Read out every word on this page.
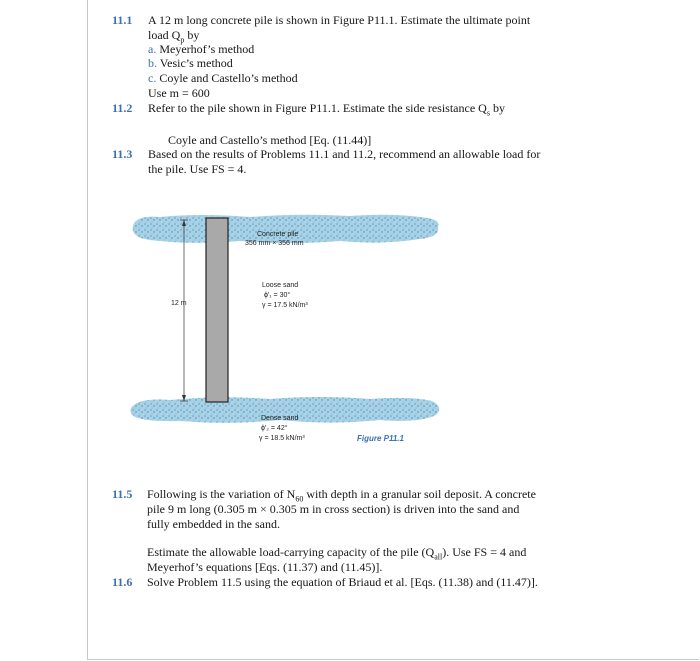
11.1 A 12 m long concrete pile is shown in Figure P11.1. Estimate the ultimate point
load $Q_p$ by
a. Meyerhof’s method
b. Vesic’s method
c. Coyle and Castello’s method
Use m = 600
11.2 Refer to the pile shown in Figure P11.1. Estimate the side resistance $Q_s$ by
Coyle and Castello’s method [Eq. (11.44)]
11.3 Based on the results of Problems 11.1 and 11.2, recommend an allowable load for
the pile. Use FS = 4.
Concrete pile
356 mm × 356 mm
12 m
Loose sand
ϕ′₁ = 30°
γ = 17.5 kN/m³
Dense sand
ϕ′₂ = 42°
γ = 18.5 kN/m³	Figure P11.1
11.5 Following is the variation of $N_{60}$ with depth in a granular soil deposit. A concrete
pile 9 m long (0.305 m × 0.305 m in cross section) is driven into the sand and
fully embedded in the sand.
Estimate the allowable load-carrying capacity of the pile $(Q_{all})$. Use FS = 4 and
Meyerhof’s equations [Eqs. (11.37) and (11.45)].
11.6 Solve Problem 11.5 using the equation of Briaud et al. [Eqs. (11.38) and (11.47)].
